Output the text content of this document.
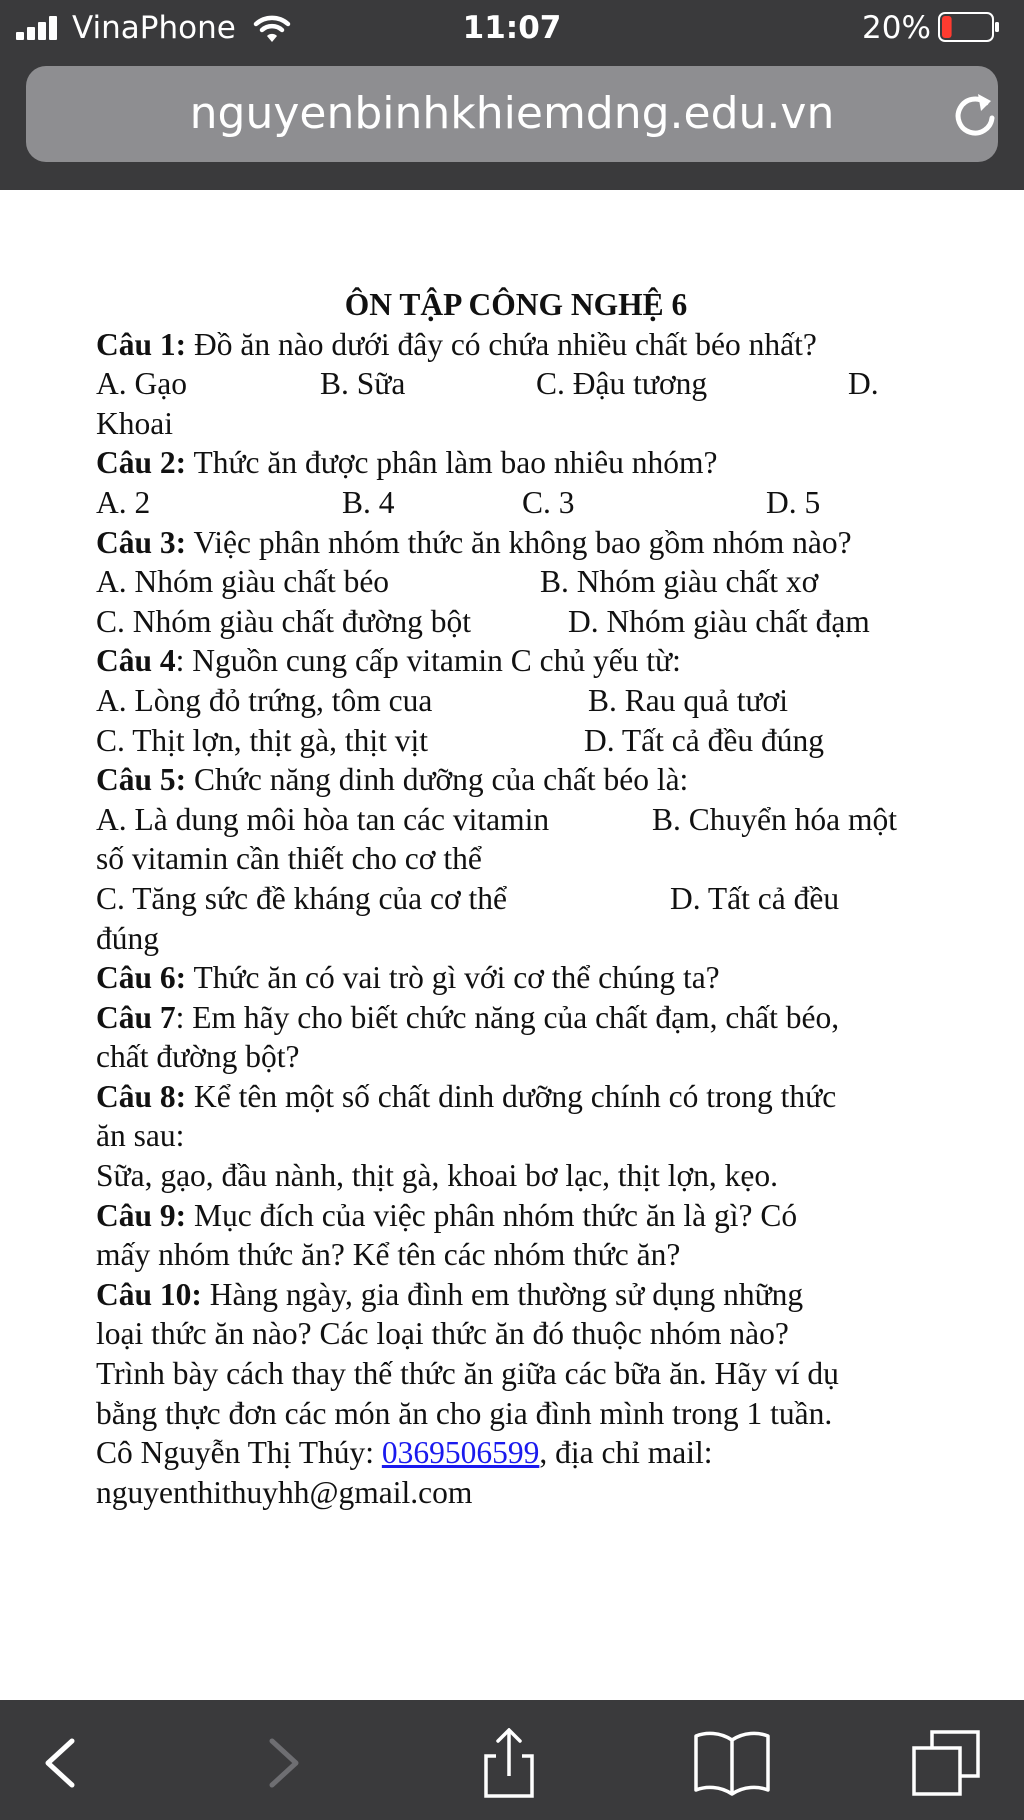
VinaPhone	11:07	20%
nguyenbinhkhiemdng.edu.vn
ÔN TẬP CÔNG NGHỆ 6
Câu 1: Đồ ăn nào dưới đây có chứa nhiều chất béo nhất?
A. Gạo	B. Sữa	C. Đậu tương	D.
Khoai
Câu 2: Thức ăn được phân làm bao nhiêu nhóm?
A. 2	B. 4	C. 3	D. 5
Câu 3: Việc phân nhóm thức ăn không bao gồm nhóm nào?
A. Nhóm giàu chất béo	B. Nhóm giàu chất xơ
C. Nhóm giàu chất đường bột	D. Nhóm giàu chất đạm
Câu 4: Nguồn cung cấp vitamin C chủ yếu từ:
A. Lòng đỏ trứng, tôm cua	B. Rau quả tươi
C. Thịt lợn, thịt gà, thịt vịt	D. Tất cả đều đúng
Câu 5: Chức năng dinh dưỡng của chất béo là:
A. Là dung môi hòa tan các vitamin	B. Chuyển hóa một
số vitamin cần thiết cho cơ thể
C. Tăng sức đề kháng của cơ thể	D. Tất cả đều
đúng
Câu 6: Thức ăn có vai trò gì với cơ thể chúng ta?
Câu 7: Em hãy cho biết chức năng của chất đạm, chất béo,
chất đường bột?
Câu 8: Kể tên một số chất dinh dưỡng chính có trong thức
ăn sau:
Sữa, gạo, đầu nành, thịt gà, khoai bơ lạc, thịt lợn, kẹo.
Câu 9: Mục đích của việc phân nhóm thức ăn là gì? Có
mấy nhóm thức ăn? Kể tên các nhóm thức ăn?
Câu 10: Hàng ngày, gia đình em thường sử dụng những
loại thức ăn nào? Các loại thức ăn đó thuộc nhóm nào?
Trình bày cách thay thế thức ăn giữa các bữa ăn. Hãy ví dụ
bằng thực đơn các món ăn cho gia đình mình trong 1 tuần.
Cô Nguyễn Thị Thúy: 0369506599, địa chỉ mail:
nguyenthithuyhh@gmail.com
